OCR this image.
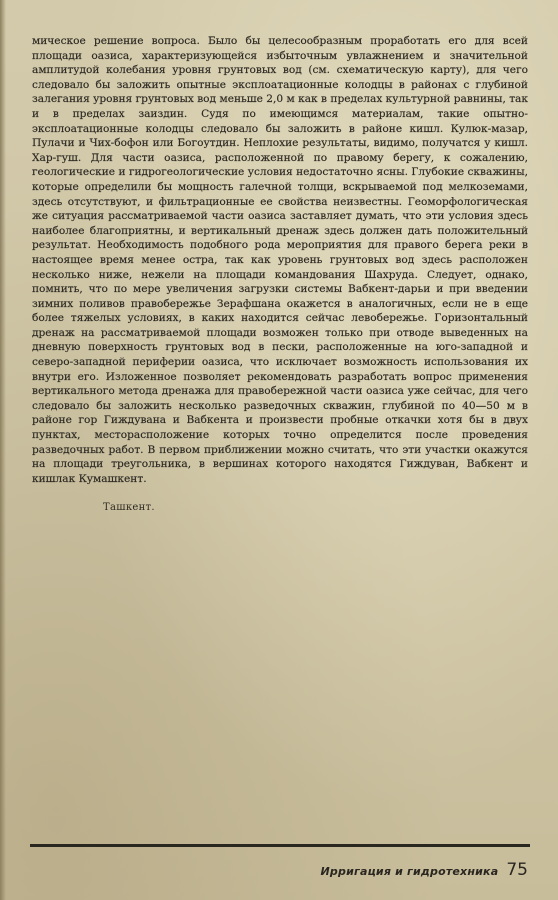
мическое решение вопроса. Было бы целесообразным проработать его для всей площади оазиса, характеризующейся избыточным увлажнением и значительной амплитудой колебания уровня грунтовых вод (см. схематическую карту), для чего следовало бы заложить опытные эксплоатационные колодцы в районах с глубиной залегания уровня грунтовых вод меньше 2,0 м как в пределах культурной равнины, так и в пределах заиздин. Судя по имеющимся материалам, такие опытно-эксплоатационные колодцы следовало бы заложить в районе кишл. Кулюк-мазар, Пулачи и Чих-бофон или Богоутдин. Неплохие результаты, видимо, получатся у кишл. Хар-гуш. Для части оазиса, расположенной по правому берегу, к сожалению, геологические и гидрогеологические условия недостаточно ясны. Глубокие скважины, которые определили бы мощность галечной толщи, вскрываемой под мелкоземами, здесь отсутствуют, и фильтрационные ее свойства неизвестны. Геоморфологическая же ситуация рассматриваемой части оазиса заставляет думать, что эти условия здесь наиболее благоприятны, и вертикальный дренаж здесь должен дать положительный результат. Необходимость подобного рода мероприятия для правого берега реки в настоящее время менее остра, так как уровень грунтовых вод здесь расположен несколько ниже, нежели на площади командования Шахруда. Следует, однако, помнить, что по мере увеличения загрузки системы Вабкент-дарьи и при введении зимних поливов правобережье Зерафшана окажется в аналогичных, если не в еще более тяжелых условиях, в каких находится сейчас левобережье. Горизонтальный дренаж на рассматриваемой площади возможен только при отводе выведенных на дневную поверхность грунтовых вод в пески, расположенные на юго-западной и северо-западной периферии оазиса, что исключает возможность использования их внутри его. Изложенное позволяет рекомендовать разработать вопрос применения вертикального метода дренажа для правобережной части оазиса уже сейчас, для чего следовало бы заложить несколько разведочных скважин, глубиной по 40—50 м в районе гор Гиждувана и Вабкента и произвести пробные откачки хотя бы в двух пунктах, месторасположение которых точно определится после проведения разведочных работ. В первом приближении можно считать, что эти участки окажутся на площади треугольника, в вершинах которого находятся Гиждуван, Вабкент и кишлак Кумашкент.

Ташкент.
Ирригация и гидротехника 75
